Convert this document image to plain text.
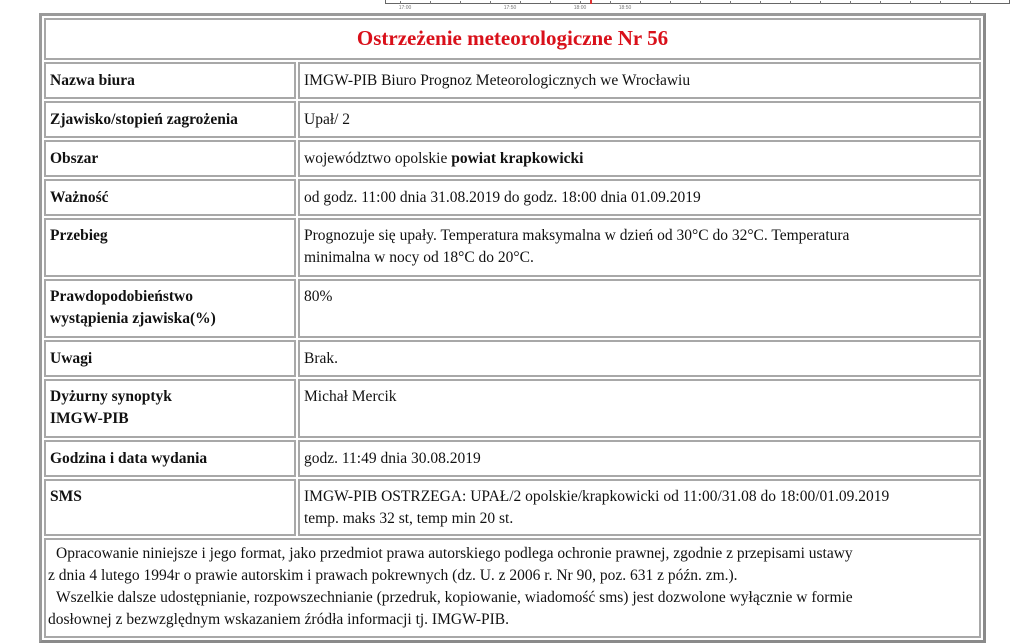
17:00	17:50	18:00	18:50
Ostrzeżenie meteorologiczne Nr 56	
Nazwa biura	IMGW-PIB Biuro Prognoz Meteorologicznych we Wrocławiu
Zjawisko/stopień zagrożenia	Upał/ 2
Obszar	województwo opolskie powiat krapkowicki
Ważność	od godz. 11:00 dnia 31.08.2019 do godz. 18:00 dnia 01.09.2019
Przebieg	Prognozuje się upały. Temperatura maksymalna w dzień od 30°C do 32°C. Temperatura
minimalna w nocy od 18°C do 20°C.

Prawdopodobieństwo
wystąpienia zjawiska(%)	80%
Uwagi	Brak.

Dyżurny synoptyk
IMGW-PIB	Michał Mercik
Godzina i data wydania	godz. 11:49 dnia 30.08.2019
SMS	IMGW-PIB OSTRZEGA: UPAŁ/2 opolskie/krapkowicki od 11:00/31.08 do 18:00/01.09.2019
temp. maks 32 st, temp min 20 st.

Opracowanie niniejsze i jego format, jako przedmiot prawa autorskiego podlega ochronie prawnej, zgodnie z przepisami ustawy
z dnia 4 lutego 1994r o prawie autorskim i prawach pokrewnych (dz. U. z 2006 r. Nr 90, poz. 631 z późn. zm.).
Wszelkie dalsze udostępnianie, rozpowszechnianie (przedruk, kopiowanie, wiadomość sms) jest dozwolone wyłącznie w formie
dosłownej z bezwzględnym wskazaniem źródła informacji tj. IMGW-PIB.	
